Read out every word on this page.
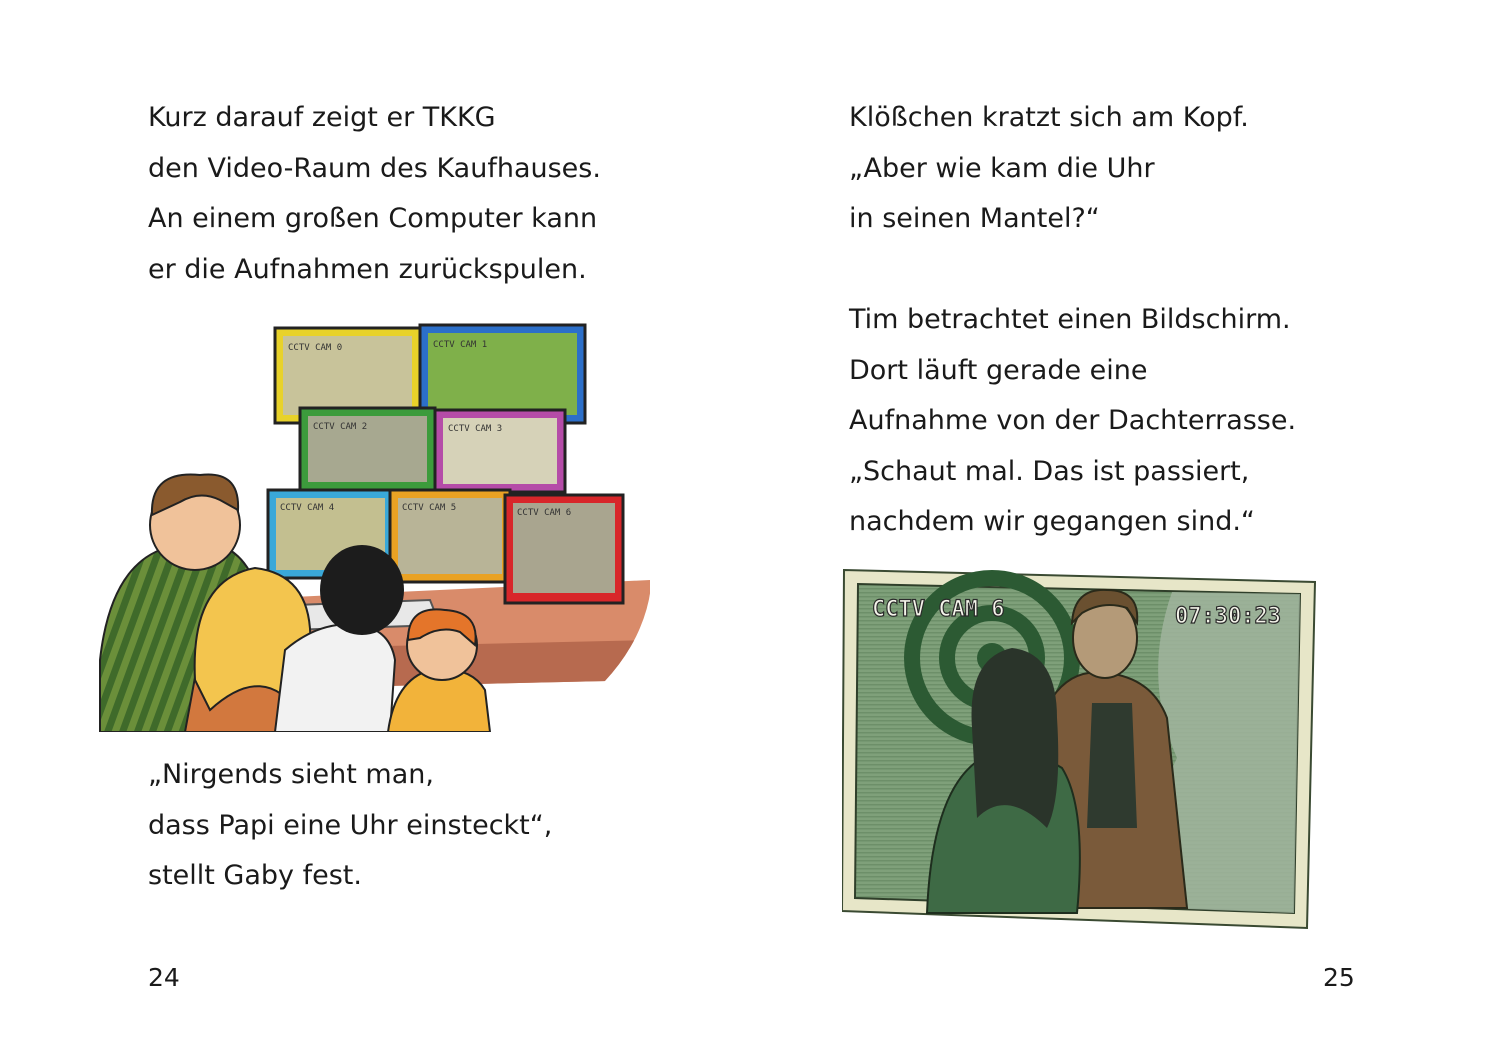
Kurz darauf zeigt er TKKG
den Video-Raum des Kaufhauses.
An einem großen Computer kann
er die Aufnahmen zurückspulen.
CCTV CAM 0	CCTV CAM 1
CCTV CAM 2	CCTV CAM 3
CCTV CAM 4	CCTV CAM 5	CCTV CAM 6
„Nirgends sieht man,
dass Papi eine Uhr einsteckt“,
stellt Gaby fest.
24
Klößchen kratzt sich am Kopf.
„Aber wie kam die Uhr
in seinen Mantel?“
Tim betrachtet einen Bildschirm.
Dort läuft gerade eine
Aufnahme von der Dachterrasse.
„Schaut mal. Das ist passiert,
nachdem wir gegangen sind.“
CCTV CAM 6	07:30:23
25
